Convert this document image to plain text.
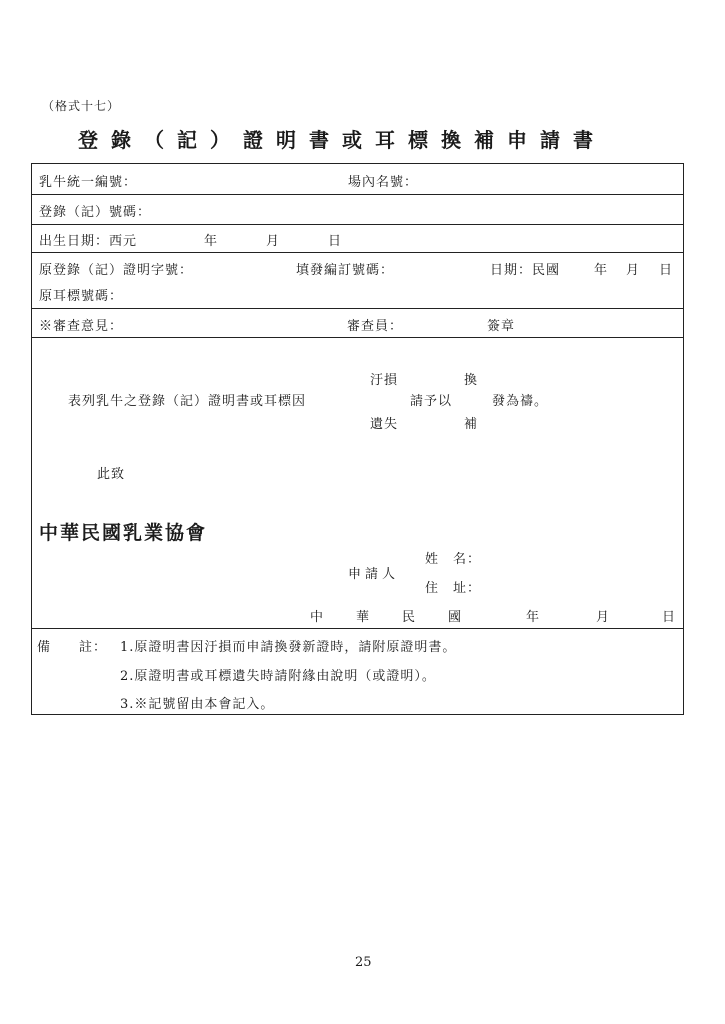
（格式十七）
登錄（記）證明書或耳標換補申請書
乳牛統一編號：	場內名號：
登錄（記）號碼：
出生日期：西元	年	月	日
原登錄（記）證明字號：	填發編訂號碼：	日期：民國	年 月 日
原耳標號碼：
※審查意見：	審查員：	簽章
汙損	換
表列乳牛之登錄（記）證明書或耳標因	請予以	發為禱。
遺失	補
此致
中華民國乳業協會
申請人
姓　名：
住　址：
中 華 民 國	年	月	日
備　　註： 1.原證明書因汙損而申請換發新證時，請附原證明書。
2.原證明書或耳標遺失時請附緣由說明（或證明）。
3.※記號留由本會記入。
25
